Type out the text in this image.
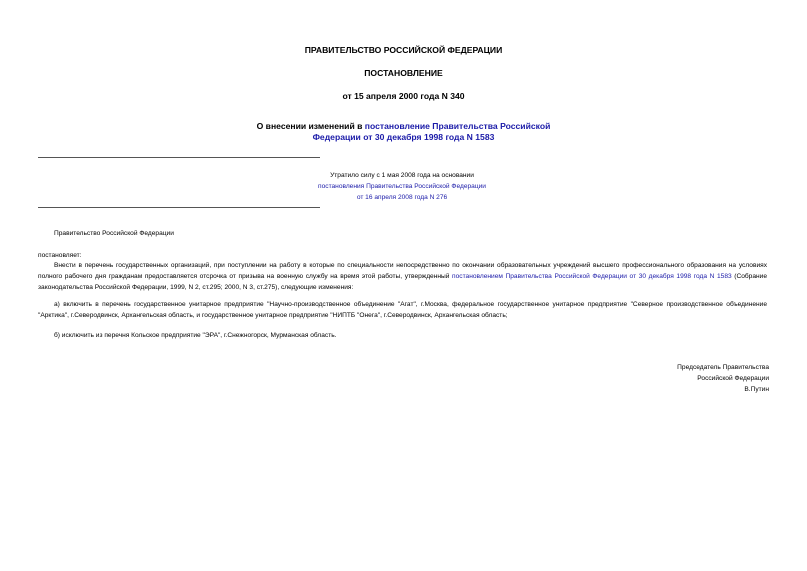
ПРАВИТЕЛЬСТВО РОССИЙСКОЙ ФЕДЕРАЦИИ
ПОСТАНОВЛЕНИЕ
от 15 апреля 2000 года N 340
О внесении изменений в постановление Правительства Российской
Федерации от 30 декабря 1998 года N 1583
Утратило силу с 1 мая 2008 года на основании
постановления Правительства Российской Федерации
от 16 апреля 2008 года N 276
Правительство Российской Федерации
постановляет:
Внести в перечень государственных организаций, при поступлении на работу в которые по специальности непосредственно по окончании образовательных учреждений высшего профессионального образования на условиях полного рабочего дня гражданам предоставляется отсрочка от призыва на военную службу на время этой работы, утвержденный постановлением Правительства Российской Федерации от 30 декабря 1998 года N 1583 (Собрание законодательства Российской Федерации, 1999, N 2, ст.295; 2000, N 3, ст.275), следующие изменения:
а) включить в перечень государственное унитарное предприятие "Научно-производственное объединение "Агат", г.Москва, федеральное государственное унитарное предприятие "Северное производственное объединение "Арктика", г.Северодвинск, Архангельская область, и государственное унитарное предприятие "НИПТБ "Онега", г.Северодвинск, Архангельская область;
б) исключить из перечня Кольское предприятие "ЭРА", г.Снежногорск, Мурманская область.
Председатель Правительства
Российской Федерации
В.Путин
